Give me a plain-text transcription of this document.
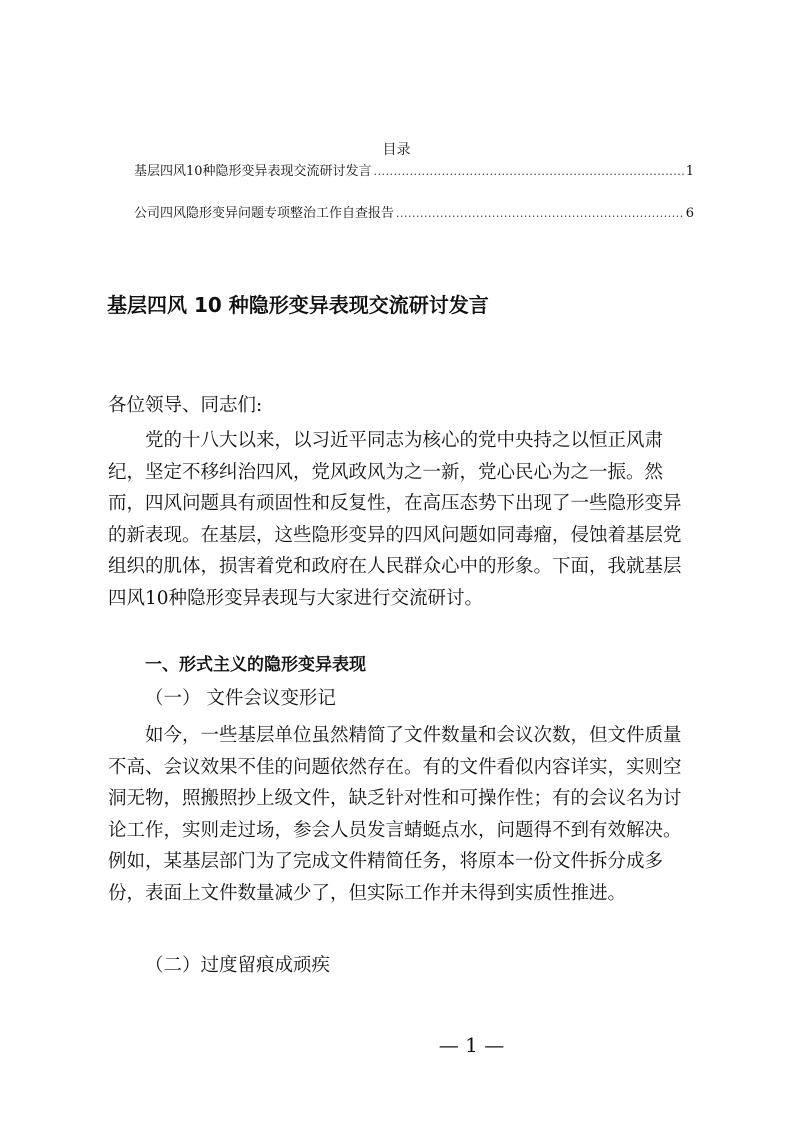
目录
基层四风10种隐形变异表现交流研讨发言 .....	1
公司四风隐形变异问题专项整治工作自查报告 .....	6
基层四风 10 种隐形变异表现交流研讨发言
各位领导、同志们:

党的十八大以来，以习近平同志为核心的党中央持之以恒正风肃纪，坚定不移纠治四风，党风政风为之一新，党心民心为之一振。然而，四风问题具有顽固性和反复性，在高压态势下出现了一些隐形变异的新表现。在基层，这些隐形变异的四风问题如同毒瘤，侵蚀着基层党组织的肌体，损害着党和政府在人民群众心中的形象。下面，我就基层四风10种隐形变异表现与大家进行交流研讨。

一、形式主义的隐形变异表现
（一） 文件会议变形记

如今，一些基层单位虽然精简了文件数量和会议次数，但文件质量不高、会议效果不佳的问题依然存在。有的文件看似内容详实，实则空洞无物，照搬照抄上级文件，缺乏针对性和可操作性；有的会议名为讨论工作，实则走过场，参会人员发言蜻蜓点水，问题得不到有效解决。例如，某基层部门为了完成文件精简任务，将原本一份文件拆分成多份，表面上文件数量减少了，但实际工作并未得到实质性推进。

（二）过度留痕成顽疾
— 1 —
